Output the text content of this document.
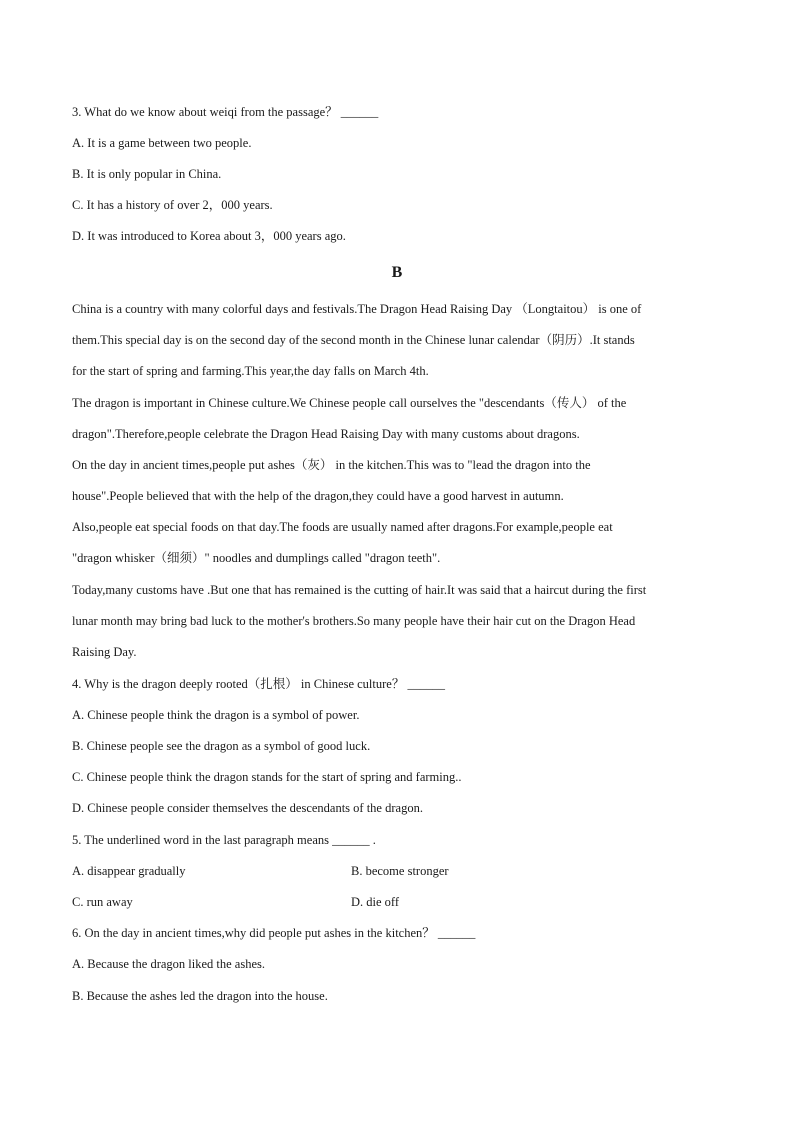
3. What do we know about weiqi from the passage？ ______
A. It is a game between two people.
B. It is only popular in China.
C. It has a history of over 2，000 years.
D. It was introduced to Korea about 3，000 years ago.
B
China is a country with many colorful days and festivals.The Dragon Head Raising Day （Longtaitou） is one of
them.This special day is on the second day of the second month in the Chinese lunar calendar（阴历）.It stands
for the start of spring and farming.This year,the day falls on March 4th.
The dragon is important in Chinese culture.We Chinese people call ourselves the "descendants（传人） of the
dragon".Therefore,people celebrate the Dragon Head Raising Day with many customs about dragons.
On the day in ancient times,people put ashes（灰） in the kitchen.This was to "lead the dragon into the
house".People believed that with the help of the dragon,they could have a good harvest in autumn.
Also,people eat special foods on that day.The foods are usually named after dragons.For example,people eat
"dragon whisker（细须）" noodles and dumplings called "dragon teeth".
Today,many customs have .But one that has remained is the cutting of hair.It was said that a haircut during the first
lunar month may bring bad luck to the mother's brothers.So many people have their hair cut on the Dragon Head
Raising Day.
4. Why is the dragon deeply rooted（扎根） in Chinese culture？ ______
A. Chinese people think the dragon is a symbol of power.
B. Chinese people see the dragon as a symbol of good luck.
C. Chinese people think the dragon stands for the start of spring and farming..
D. Chinese people consider themselves the descendants of the dragon.
5. The underlined word in the last paragraph means ______ .
A. disappear gradually	B. become stronger
C. run away	D. die off
6. On the day in ancient times,why did people put ashes in the kitchen？ ______
A. Because the dragon liked the ashes.
B. Because the ashes led the dragon into the house.
